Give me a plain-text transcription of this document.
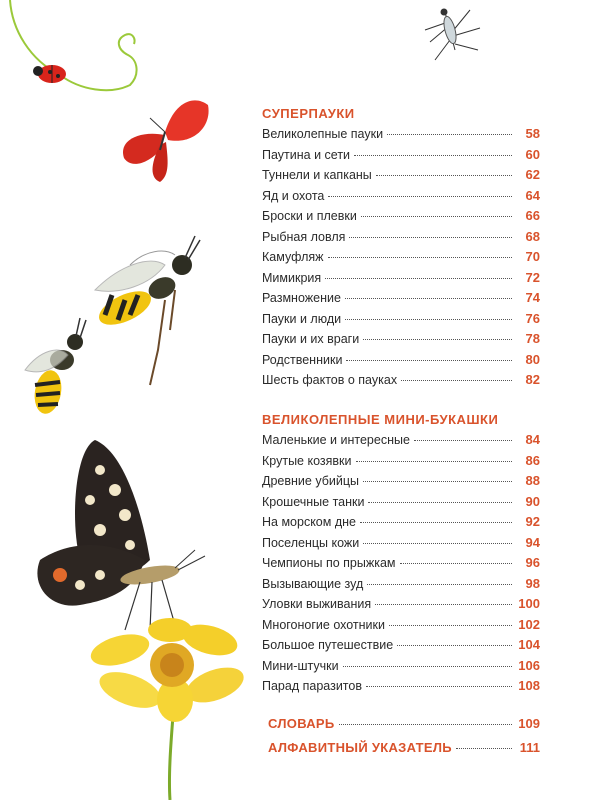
СУПЕРПАУКИ
Великолепные пауки	58
Паутина и сети	60
Туннели и капканы	62
Яд и охота	64
Броски и плевки	66
Рыбная ловля	68
Камуфляж	70
Мимикрия	72
Размножение	74
Пауки и люди	76
Пауки и их враги	78
Родственники	80
Шесть фактов о пауках	82
ВЕЛИКОЛЕПНЫЕ МИНИ-БУКАШКИ
Маленькие и интересные	84
Крутые козявки	86
Древние убийцы	88
Крошечные танки	90
На морском дне	92
Поселенцы кожи	94
Чемпионы по прыжкам	96
Вызывающие зуд	98
Уловки выживания	100
Многоногие охотники	102
Большое путешествие	104
Мини-штучки	106
Парад паразитов	108
СЛОВАРЬ	109
АЛФАВИТНЫЙ УКАЗАТЕЛЬ	111
